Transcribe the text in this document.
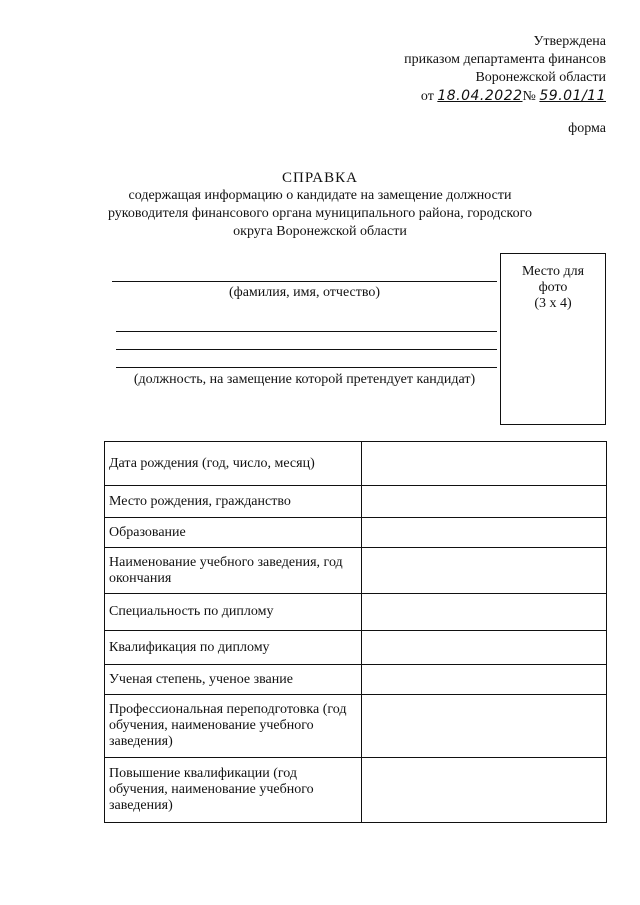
Утверждена
приказом департамента финансов
Воронежской области
от 18.04.2022№ 59.01/11
форма
СПРАВКА
содержащая информацию о кандидате на замещение должности
руководителя финансового органа муниципального района, городского
округа Воронежской области
(фамилия, имя, отчество)
(должность, на замещение которой претендует кандидат)
Место для
фото
(3 х 4)
Дата рождения (год, число, месяц)	
Место рождения, гражданство	
Образование	
Наименование учебного заведения, год окончания	
Специальность по диплому	
Квалификация по диплому	
Ученая степень, ученое звание	
Профессиональная переподготовка (год обучения, наименование учебного заведения)	
Повышение квалификации (год обучения, наименование учебного заведения)	
